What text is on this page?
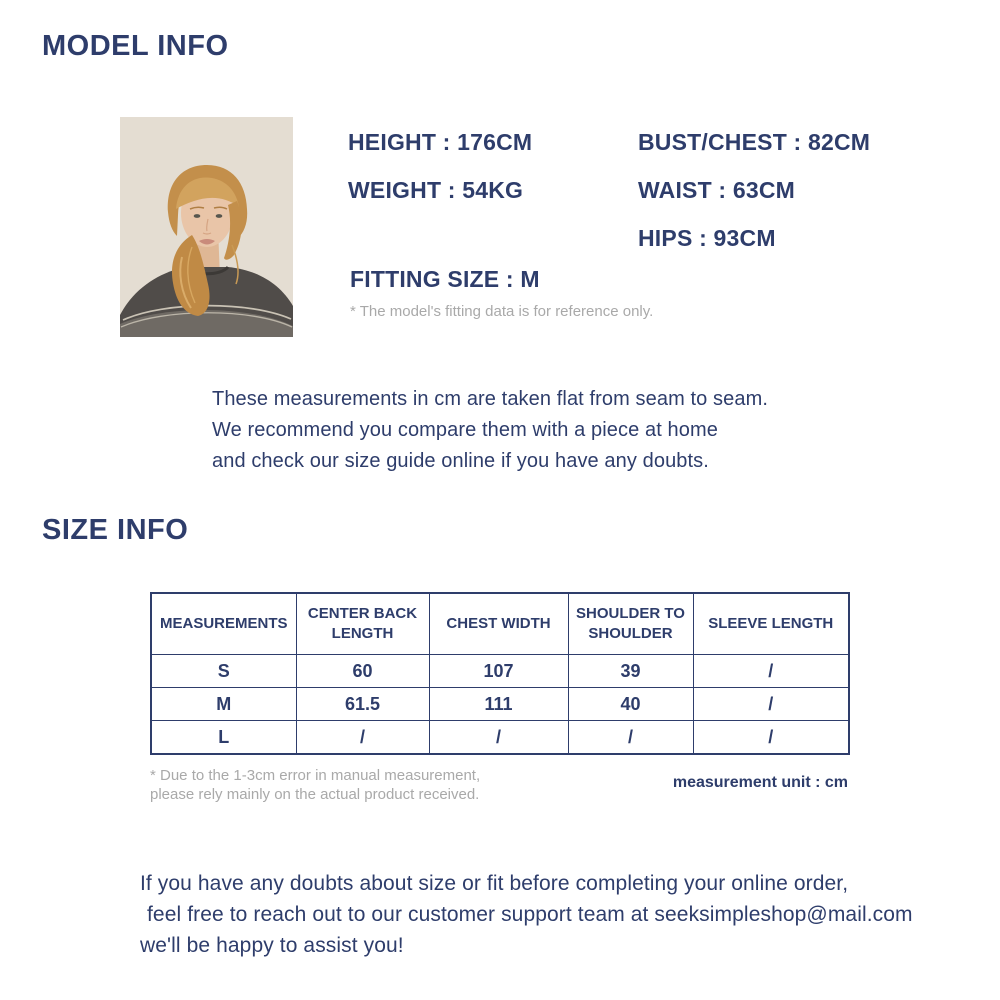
MODEL INFO
HEIGHT : 176CM
WEIGHT : 54KG
BUST/CHEST : 82CM
WAIST : 63CM
HIPS : 93CM
FITTING SIZE : M
* The model's fitting data is for reference only.
These measurements in cm are taken flat from seam to seam.
We recommend you compare them with a piece at home
and check our size guide online if you have any doubts.
SIZE INFO
MEASUREMENTS	CENTER BACK LENGTH	CHEST WIDTH	SHOULDER TO SHOULDER	SLEEVE LENGTH
S	60	107	39	/
M	61.5	111	40	/
L	/	/	/	/
* Due to the 1-3cm error in manual measurement,
please rely mainly on the actual product received.
measurement unit : cm
If you have any doubts about size or fit before completing your online order,
feel free to reach out to our customer support team at seeksimpleshop@mail.com
we'll be happy to assist you!
